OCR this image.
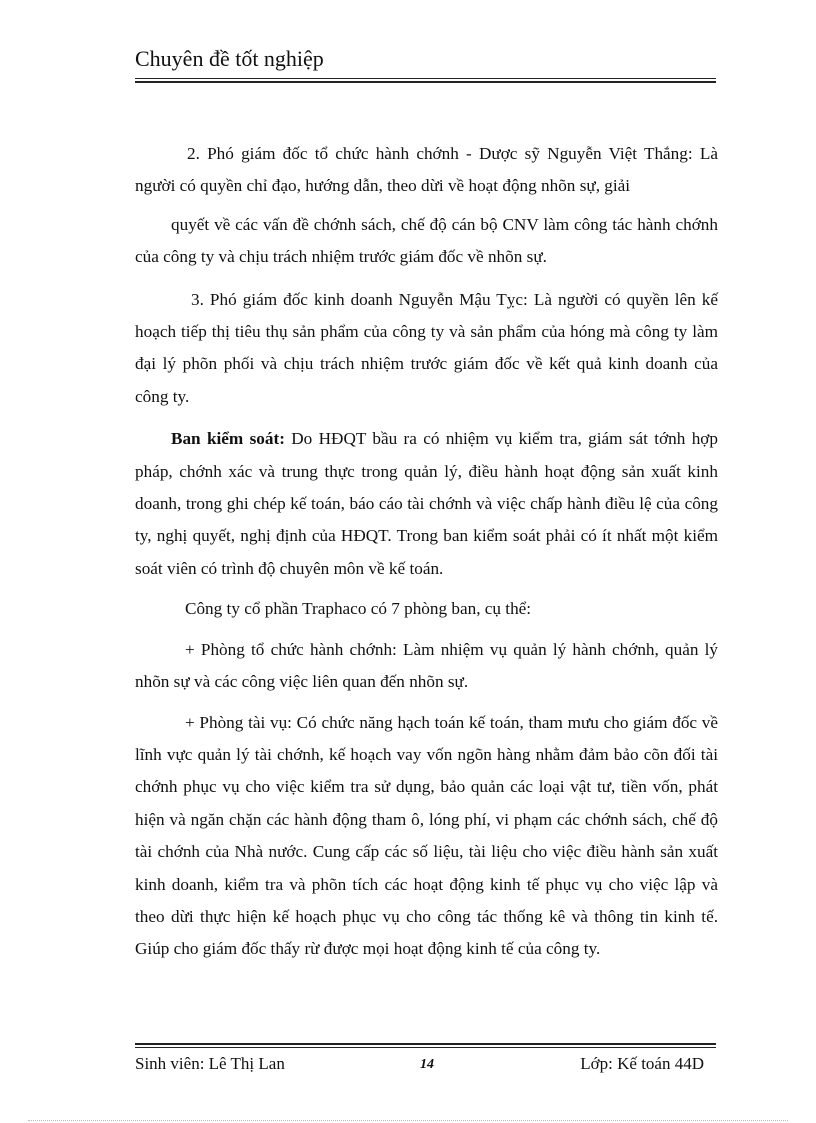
Chuyên đề tốt nghiệp

2. Phó giám đốc tổ chức hành chớnh - Dược sỹ Nguyễn Việt Thắng: Là người có quyền chỉ đạo, hướng dẫn, theo dừi về hoạt động nhõn sự, giải

quyết về các vấn đề chớnh sách, chế độ cán bộ CNV làm công tác hành chớnh của công ty và chịu trách nhiệm trước giám đốc về nhõn sự.

3. Phó giám đốc kinh doanh Nguyễn Mậu Tỵc: Là người có quyền lên kế hoạch tiếp thị tiêu thụ sản phẩm của công ty và sản phẩm của hóng mà công ty làm đại lý phõn phối và chịu trách nhiệm trước giám đốc về kết quả kinh doanh của công ty.

Ban kiểm soát: Do HĐQT bầu ra có nhiệm vụ kiểm tra, giám sát tớnh hợp pháp, chớnh xác và trung thực trong quản lý, điều hành hoạt động sản xuất kinh doanh, trong ghi chép kế toán, báo cáo tài chớnh và việc chấp hành điều lệ của công ty, nghị quyết, nghị định của HĐQT. Trong ban kiểm soát phải có ít nhất một kiểm soát viên có trình độ chuyên môn về kế toán.

Công ty cổ phần Traphaco có 7 phòng ban, cụ thể:

+ Phòng tổ chức hành chớnh: Làm nhiệm vụ quản lý hành chớnh, quản lý nhõn sự và các công việc liên quan đến nhõn sự.

+ Phòng tài vụ: Có chức năng hạch toán kế toán, tham mưu cho giám đốc về lĩnh vực quản lý tài chớnh, kế hoạch vay vốn ngõn hàng nhằm đảm bảo cõn đối tài chớnh phục vụ cho việc kiểm tra sử dụng, bảo quản các loại vật tư, tiền vốn, phát hiện và ngăn chặn các hành động tham ô, lóng phí, vi phạm các chớnh sách, chế độ tài chớnh của Nhà nước. Cung cấp các số liệu, tài liệu cho việc điều hành sản xuất kinh doanh, kiểm tra và phõn tích các hoạt động kinh tế phục vụ cho việc lập và theo dừi thực hiện kế hoạch phục vụ cho công tác thống kê và thông tin kinh tế. Giúp cho giám đốc thấy rừ được mọi hoạt động kinh tế của công ty.

Sinh viên: Lê Thị Lan	14	Lớp: Kế toán 44D
